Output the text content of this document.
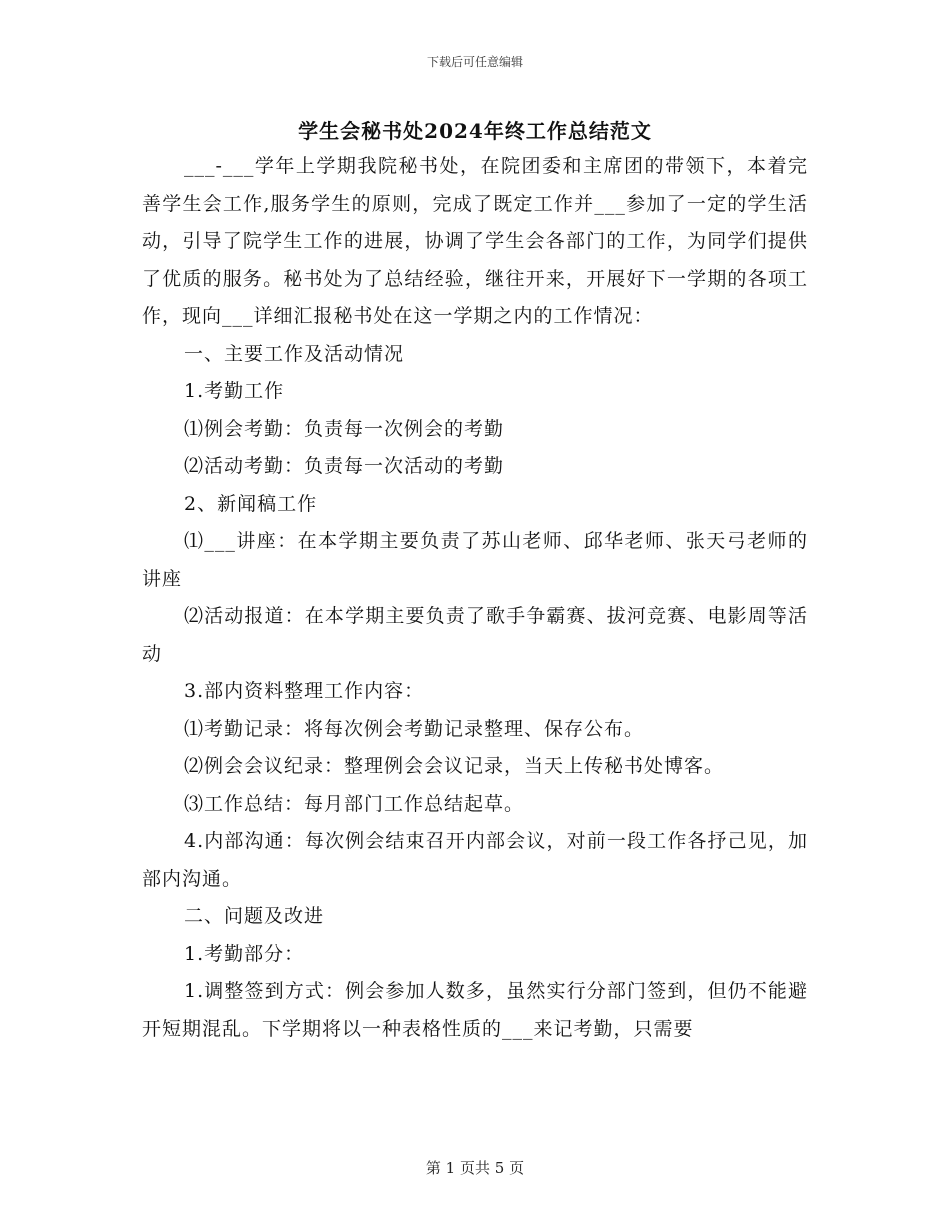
下载后可任意编辑
学生会秘书处2024年终工作总结范文

___-___学年上学期我院秘书处，在院团委和主席团的带领下，本着完善学生会工作,服务学生的原则，完成了既定工作并___参加了一定的学生活动，引导了院学生工作的进展，协调了学生会各部门的工作，为同学们提供了优质的服务。秘书处为了总结经验，继往开来，开展好下一学期的各项工作，现向___详细汇报秘书处在这一学期之内的工作情况：

一、主要工作及活动情况

1.考勤工作

⑴例会考勤：负责每一次例会的考勤

⑵活动考勤：负责每一次活动的考勤

2、新闻稿工作

⑴___讲座：在本学期主要负责了苏山老师、邱华老师、张天弓老师的讲座

⑵活动报道：在本学期主要负责了歌手争霸赛、拔河竞赛、电影周等活动

3.部内资料整理工作内容：

⑴考勤记录：将每次例会考勤记录整理、保存公布。

⑵例会会议纪录：整理例会会议记录，当天上传秘书处博客。

⑶工作总结：每月部门工作总结起草。

4.内部沟通：每次例会结束召开内部会议，对前一段工作各抒己见，加部内沟通。

二、问题及改进

1.考勤部分：

1.调整签到方式：例会参加人数多，虽然实行分部门签到，但仍不能避开短期混乱。下学期将以一种表格性质的___来记考勤，只需要

第 1 页共 5 页
